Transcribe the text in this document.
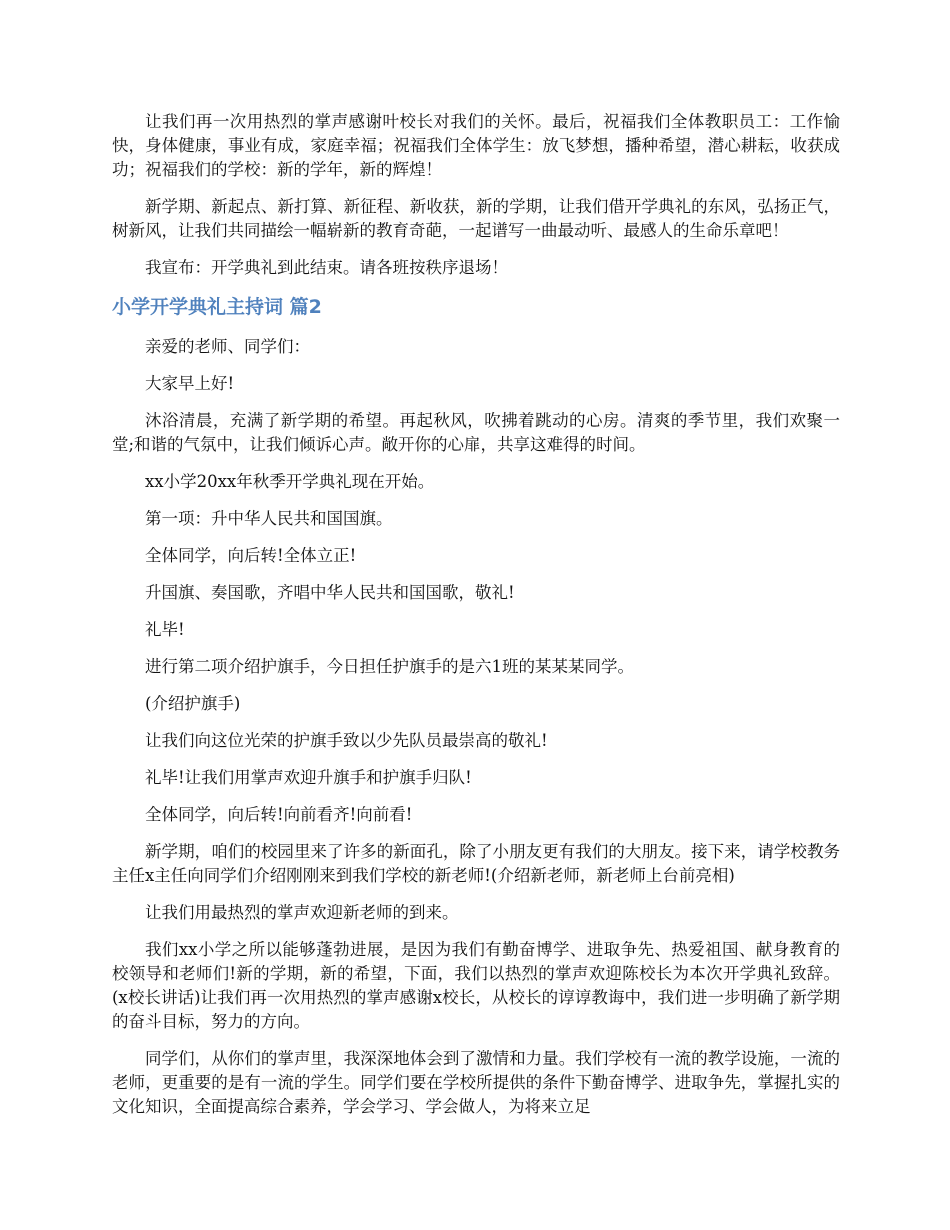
让我们再一次用热烈的掌声感谢叶校长对我们的关怀。最后，祝福我们全体教职员工：工作愉快，身体健康，事业有成，家庭幸福；祝福我们全体学生：放飞梦想，播种希望，潜心耕耘，收获成功；祝福我们的学校：新的学年，新的辉煌！

新学期、新起点、新打算、新征程、新收获，新的学期，让我们借开学典礼的东风，弘扬正气，树新风，让我们共同描绘一幅崭新的教育奇葩，一起谱写一曲最动听、最感人的生命乐章吧！

我宣布：开学典礼到此结束。请各班按秩序退场！

小学开学典礼主持词 篇2

亲爱的老师、同学们：

大家早上好!

沐浴清晨，充满了新学期的希望。再起秋风，吹拂着跳动的心房。清爽的季节里，我们欢聚一堂;和谐的气氛中，让我们倾诉心声。敞开你的心扉，共享这难得的时间。

xx小学20xx年秋季开学典礼现在开始。

第一项：升中华人民共和国国旗。

全体同学，向后转!全体立正!

升国旗、奏国歌，齐唱中华人民共和国国歌，敬礼!

礼毕!

进行第二项介绍护旗手，今日担任护旗手的是六1班的某某某同学。

(介绍护旗手)

让我们向这位光荣的护旗手致以少先队员最崇高的敬礼!

礼毕!让我们用掌声欢迎升旗手和护旗手归队!

全体同学，向后转!向前看齐!向前看!

新学期，咱们的校园里来了许多的新面孔，除了小朋友更有我们的大朋友。接下来，请学校教务主任x主任向同学们介绍刚刚来到我们学校的新老师!(介绍新老师，新老师上台前亮相)

让我们用最热烈的掌声欢迎新老师的到来。

我们xx小学之所以能够蓬勃进展，是因为我们有勤奋博学、进取争先、热爱祖国、献身教育的校领导和老师们!新的学期，新的希望，下面，我们以热烈的掌声欢迎陈校长为本次开学典礼致辞。(x校长讲话)让我们再一次用热烈的掌声感谢x校长，从校长的谆谆教诲中，我们进一步明确了新学期的奋斗目标，努力的方向。

同学们，从你们的掌声里，我深深地体会到了激情和力量。我们学校有一流的教学设施，一流的老师，更重要的是有一流的学生。同学们要在学校所提供的条件下勤奋博学、进取争先，掌握扎实的文化知识，全面提高综合素养，学会学习、学会做人，为将来立足
